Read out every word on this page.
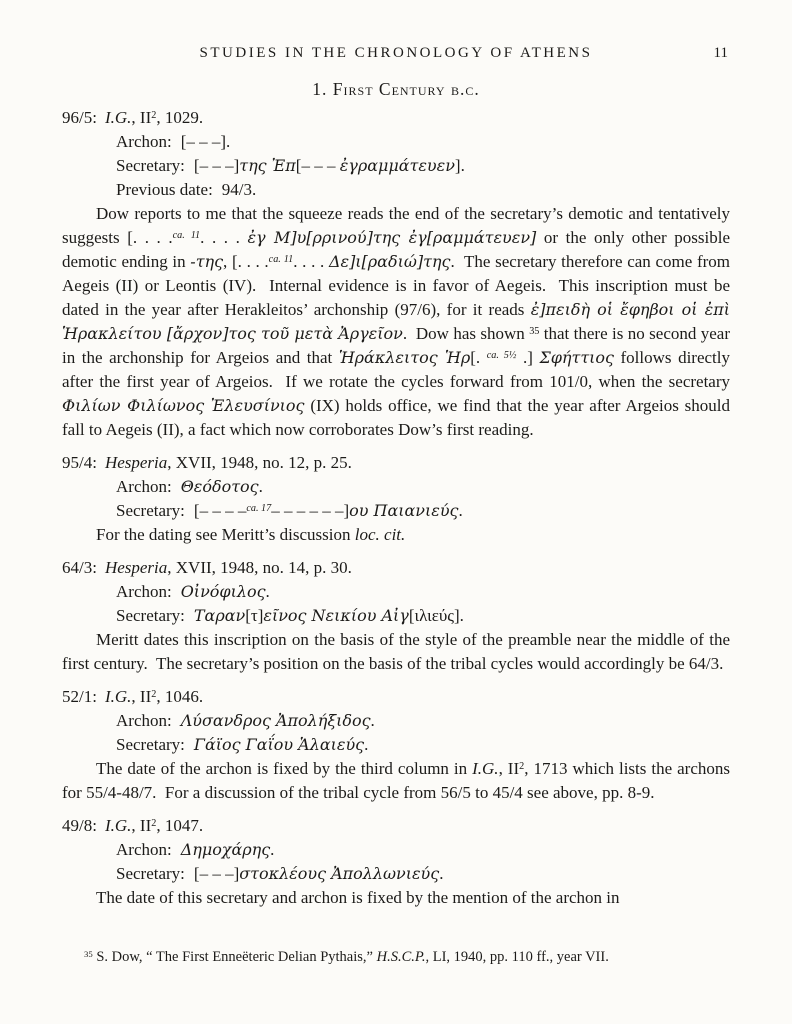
STUDIES IN THE CHRONOLOGY OF ATHENS	11
1. First Century b.c.

96/5: I.G., $II^2$, 1029.

Archon: [– – –].

Secretary: [– – –]της Ἐπ[– – – ἐγραμμάτευεν].

Previous date: 94/3.

Dow reports to me that the squeeze reads the end of the secretary’s demotic and tentatively suggests [. . . .$^{ca. 11}$. . . . ἐγ Μ]υ[ρρινού]της ἐγ[ραμμάτευεν] or the only other possible demotic ending in -της, [. . . .$^{ca. 11}$. . . . Δε]ι[ραδιώ]της.  The secretary therefore can come from Aegeis (II) or Leontis (IV).  Internal evidence is in favor of Aegeis.  This inscription must be dated in the year after Herakleitos’ archonship (97/6), for it reads ἐ]πειδὴ οἱ ἔφηβοι οἱ ἐπὶ Ἡρακλείτου [ἄρχον]τος τοῦ μετὰ Ἀργεῖον.  Dow has shown $^{35}$ that there is no second year in the archonship for Argeios and that Ἡράκλειτος Ἡρ[. $^{ca. 5\frac{1}{2}}$ .] Σφήττιος follows directly after the first year of Argeios.  If we rotate the cycles forward from 101/0, when the secretary Φιλίων Φιλίωνος Ἐλευσίνιος (IX) holds office, we find that the year after Argeios should fall to Aegeis (II), a fact which now corroborates Dow’s first reading.

95/4: Hesperia, XVII, 1948, no. 12, p. 25.

Archon: Θεόδοτος.

Secretary: [– – – –$^{ca. 17}$– – – – – –]ου Παιανιεύς.

For the dating see Meritt’s discussion loc. cit.

64/3: Hesperia, XVII, 1948, no. 14, p. 30.

Archon: Οἰνόφιλος.

Secretary: Ταραν[τ]εῖνος Νεικίου Αἰγ[ιλιεύς].

Meritt dates this inscription on the basis of the style of the preamble near the middle of the first century.  The secretary’s position on the basis of the tribal cycles would accordingly be 64/3.

52/1: I.G., $II^2$, 1046.

Archon: Λύσανδρος Ἀπολήξιδος.

Secretary: Γάϊος Γαΐου Ἁλαιεύς.

The date of the archon is fixed by the third column in I.G., $II^2$, 1713 which lists the archons for 55/4-48/7.  For a discussion of the tribal cycle from 56/5 to 45/4 see above, pp. 8-9.

49/8: I.G., $II^2$, 1047.

Archon: Δημοχάρης.

Secretary: [– – –]στοκλέους Ἀπολλωνιεύς.

The date of this secretary and archon is fixed by the mention of the archon in

$^{35}$ S. Dow, “ The First Enneëteric Delian Pythais,” H.S.C.P., LI, 1940, pp. 110 ff., year VII.
